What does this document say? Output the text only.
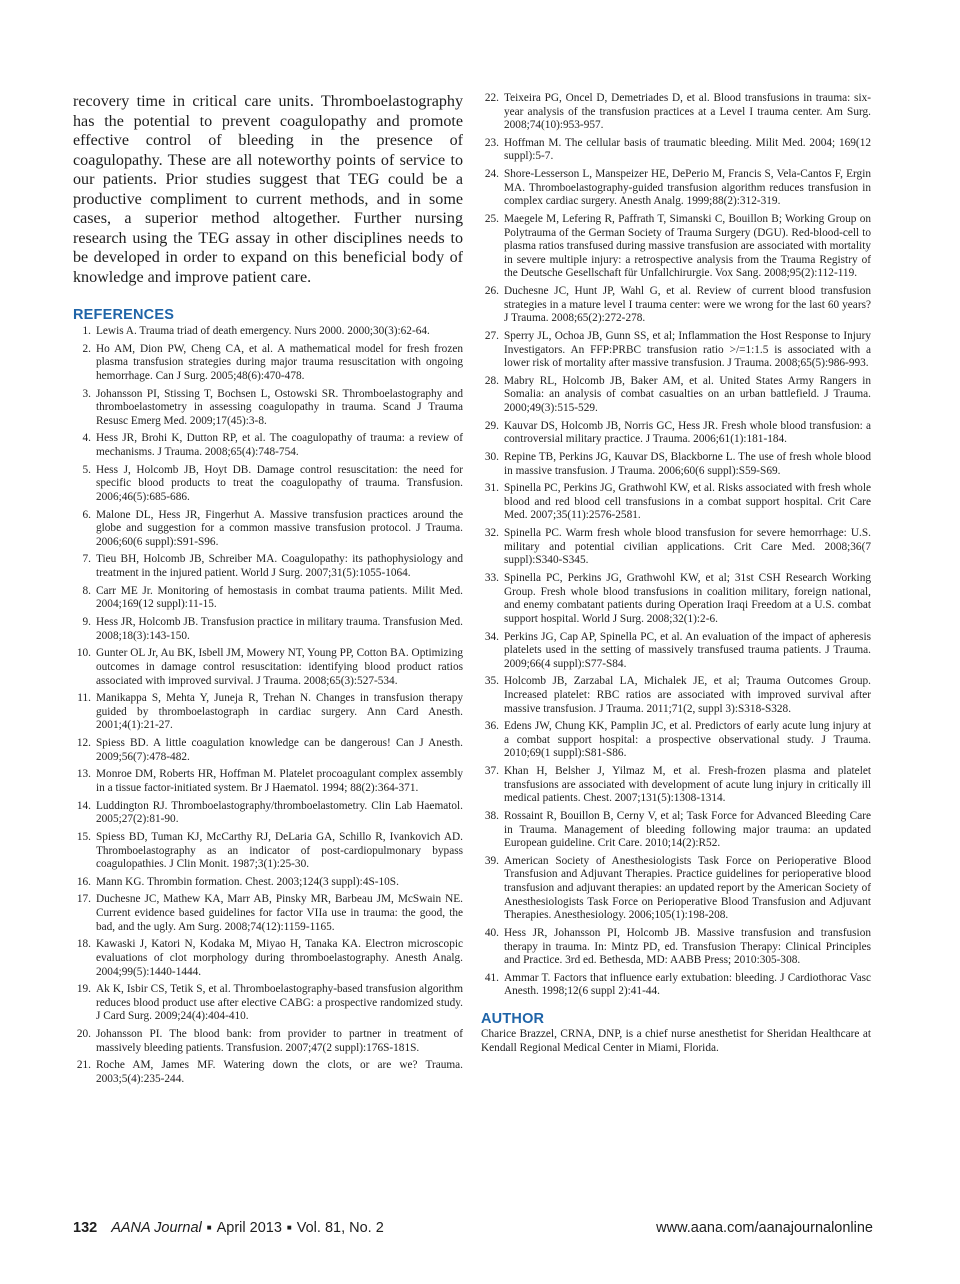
recovery time in critical care units. Thromboelastography has the potential to prevent coagulopathy and promote effective control of bleeding in the presence of coagulopathy. These are all noteworthy points of service to our patients. Prior studies suggest that TEG could be a productive compliment to current methods, and in some cases, a superior method altogether. Further nursing research using the TEG assay in other disciplines needs to be developed in order to expand on this beneficial body of knowledge and improve patient care.

REFERENCES
1. Lewis A. Trauma triad of death emergency. Nurs 2000. 2000;30(3):62-64.
2. Ho AM, Dion PW, Cheng CA, et al. A mathematical model for fresh frozen plasma transfusion strategies during major trauma resuscitation with ongoing hemorrhage. Can J Surg. 2005;48(6):470-478.
3. Johansson PI, Stissing T, Bochsen L, Ostowski SR. Thromboelastography and thromboelastometry in assessing coagulopathy in trauma. Scand J Trauma Resusc Emerg Med. 2009;17(45):3-8.
4. Hess JR, Brohi K, Dutton RP, et al. The coagulopathy of trauma: a review of mechanisms. J Trauma. 2008;65(4):748-754.
5. Hess J, Holcomb JB, Hoyt DB. Damage control resuscitation: the need for specific blood products to treat the coagulopathy of trauma. Transfusion. 2006;46(5):685-686.
6. Malone DL, Hess JR, Fingerhut A. Massive transfusion practices around the globe and suggestion for a common massive transfusion protocol. J Trauma. 2006;60(6 suppl):S91-S96.
7. Tieu BH, Holcomb JB, Schreiber MA. Coagulopathy: its pathophysiology and treatment in the injured patient. World J Surg. 2007;31(5):1055-1064.
8. Carr ME Jr. Monitoring of hemostasis in combat trauma patients. Milit Med. 2004;169(12 suppl):11-15.
9. Hess JR, Holcomb JB. Transfusion practice in military trauma. Transfusion Med. 2008;18(3):143-150.
10. Gunter OL Jr, Au BK, Isbell JM, Mowery NT, Young PP, Cotton BA. Optimizing outcomes in damage control resuscitation: identifying blood product ratios associated with improved survival. J Trauma. 2008;65(3):527-534.
11. Manikappa S, Mehta Y, Juneja R, Trehan N. Changes in transfusion therapy guided by thromboelastograph in cardiac surgery. Ann Card Anesth. 2001;4(1):21-27.
12. Spiess BD. A little coagulation knowledge can be dangerous! Can J Anesth. 2009;56(7):478-482.
13. Monroe DM, Roberts HR, Hoffman M. Platelet procoagulant complex assembly in a tissue factor-initiated system. Br J Haematol. 1994; 88(2):364-371.
14. Luddington RJ. Thromboelastography/thromboelastometry. Clin Lab Haematol. 2005;27(2):81-90.
15. Spiess BD, Tuman KJ, McCarthy RJ, DeLaria GA, Schillo R, Ivankovich AD. Thromboelastography as an indicator of post-cardiopulmonary bypass coagulopathies. J Clin Monit. 1987;3(1):25-30.
16. Mann KG. Thrombin formation. Chest. 2003;124(3 suppl):4S-10S.
17. Duchesne JC, Mathew KA, Marr AB, Pinsky MR, Barbeau JM, McSwain NE. Current evidence based guidelines for factor VIIa use in trauma: the good, the bad, and the ugly. Am Surg. 2008;74(12):1159-1165.
18. Kawaski J, Katori N, Kodaka M, Miyao H, Tanaka KA. Electron microscopic evaluations of clot morphology during thromboelastography. Anesth Analg. 2004;99(5):1440-1444.
19. Ak K, Isbir CS, Tetik S, et al. Thromboelastography-based transfusion algorithm reduces blood product use after elective CABG: a prospective randomized study. J Card Surg. 2009;24(4):404-410.
20. Johansson PI. The blood bank: from provider to partner in treatment of massively bleeding patients. Transfusion. 2007;47(2 suppl):176S-181S.
21. Roche AM, James MF. Watering down the clots, or are we? Trauma. 2003;5(4):235-244.
22. Teixeira PG, Oncel D, Demetriades D, et al. Blood transfusions in trauma: six-year analysis of the transfusion practices at a Level I trauma center. Am Surg. 2008;74(10):953-957.
23. Hoffman M. The cellular basis of traumatic bleeding. Milit Med. 2004; 169(12 suppl):5-7.
24. Shore-Lesserson L, Manspeizer HE, DePerio M, Francis S, Vela-Cantos F, Ergin MA. Thromboelastography-guided transfusion algorithm reduces transfusion in complex cardiac surgery. Anesth Analg. 1999;88(2):312-319.
25. Maegele M, Lefering R, Paffrath T, Simanski C, Bouillon B; Working Group on Polytrauma of the German Society of Trauma Surgery (DGU). Red-blood-cell to plasma ratios transfused during massive transfusion are associated with mortality in severe multiple injury: a retrospective analysis from the Trauma Registry of the Deutsche Gesellschaft für Unfallchirurgie. Vox Sang. 2008;95(2):112-119.
26. Duchesne JC, Hunt JP, Wahl G, et al. Review of current blood transfusion strategies in a mature level I trauma center: were we wrong for the last 60 years? J Trauma. 2008;65(2):272-278.
27. Sperry JL, Ochoa JB, Gunn SS, et al; Inflammation the Host Response to Injury Investigators. An FFP:PRBC transfusion ratio >/=1:1.5 is associated with a lower risk of mortality after massive transfusion. J Trauma. 2008;65(5):986-993.
28. Mabry RL, Holcomb JB, Baker AM, et al. United States Army Rangers in Somalia: an analysis of combat casualties on an urban battlefield. J Trauma. 2000;49(3):515-529.
29. Kauvar DS, Holcomb JB, Norris GC, Hess JR. Fresh whole blood transfusion: a controversial military practice. J Trauma. 2006;61(1):181-184.
30. Repine TB, Perkins JG, Kauvar DS, Blackborne L. The use of fresh whole blood in massive transfusion. J Trauma. 2006;60(6 suppl):S59-S69.
31. Spinella PC, Perkins JG, Grathwohl KW, et al. Risks associated with fresh whole blood and red blood cell transfusions in a combat support hospital. Crit Care Med. 2007;35(11):2576-2581.
32. Spinella PC. Warm fresh whole blood transfusion for severe hemorrhage: U.S. military and potential civilian applications. Crit Care Med. 2008;36(7 suppl):S340-S345.
33. Spinella PC, Perkins JG, Grathwohl KW, et al; 31st CSH Research Working Group. Fresh whole blood transfusions in coalition military, foreign national, and enemy combatant patients during Operation Iraqi Freedom at a U.S. combat support hospital. World J Surg. 2008;32(1):2-6.
34. Perkins JG, Cap AP, Spinella PC, et al. An evaluation of the impact of apheresis platelets used in the setting of massively transfused trauma patients. J Trauma. 2009;66(4 suppl):S77-S84.
35. Holcomb JB, Zarzabal LA, Michalek JE, et al; Trauma Outcomes Group. Increased platelet: RBC ratios are associated with improved survival after massive transfusion. J Trauma. 2011;71(2, suppl 3):S318-S328.
36. Edens JW, Chung KK, Pamplin JC, et al. Predictors of early acute lung injury at a combat support hospital: a prospective observational study. J Trauma. 2010;69(1 suppl):S81-S86.
37. Khan H, Belsher J, Yilmaz M, et al. Fresh-frozen plasma and platelet transfusions are associated with development of acute lung injury in critically ill medical patients. Chest. 2007;131(5):1308-1314.
38. Rossaint R, Bouillon B, Cerny V, et al; Task Force for Advanced Bleeding Care in Trauma. Management of bleeding following major trauma: an updated European guideline. Crit Care. 2010;14(2):R52.
39. American Society of Anesthesiologists Task Force on Perioperative Blood Transfusion and Adjuvant Therapies. Practice guidelines for perioperative blood transfusion and adjuvant therapies: an updated report by the American Society of Anesthesiologists Task Force on Perioperative Blood Transfusion and Adjuvant Therapies. Anesthesiology. 2006;105(1):198-208.
40. Hess JR, Johansson PI, Holcomb JB. Massive transfusion and transfusion therapy in trauma. In: Mintz PD, ed. Transfusion Therapy: Clinical Principles and Practice. 3rd ed. Bethesda, MD: AABB Press; 2010:305-308.
41. Ammar T. Factors that influence early extubation: bleeding. J Cardiothorac Vasc Anesth. 1998;12(6 suppl 2):41-44.
AUTHOR

Charice Brazzel, CRNA, DNP, is a chief nurse anesthetist for Sheridan Healthcare at Kendall Regional Medical Center in Miami, Florida.

132 AANA Journal ■ April 2013 ■ Vol. 81, No. 2	www.aana.com/aanajournalonline
